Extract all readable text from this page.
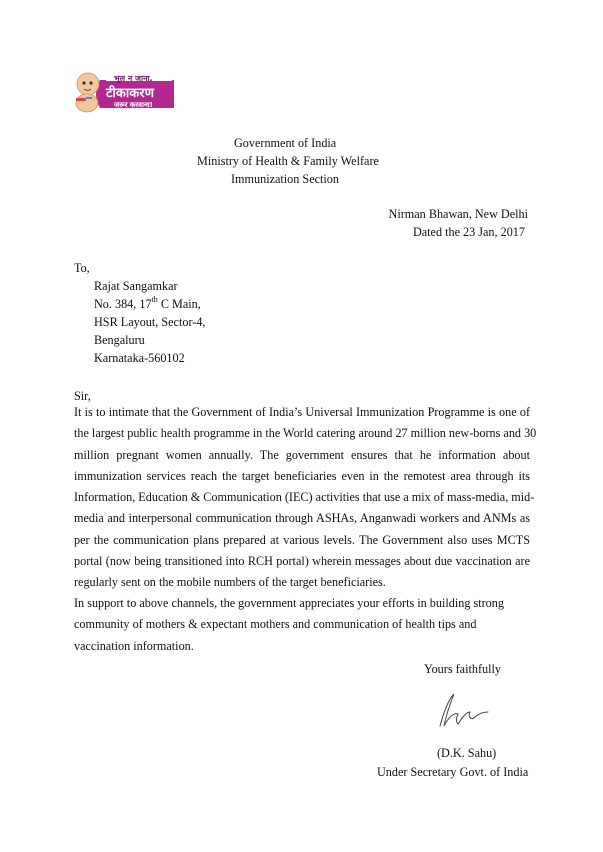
भूल न जाना,
टीकाकरण
जरूर करवाना!
Government of India
Ministry of Health & Family Welfare
Immunization Section
Nirman Bhawan, New Delhi
Dated the 23 Jan, 2017
To,
Rajat Sangamkar
No. 384, 17th C Main,
HSR Layout, Sector-4,
Bengaluru
Karnataka-560102
Sir,
It is to intimate that the Government of India’s Universal Immunization Programme is one of
the largest public health programme in the World catering around 27 million new-borns and 30
million pregnant women annually. The government ensures that he information about
immunization services reach the target beneficiaries even in the remotest area through its
Information, Education & Communication (IEC) activities that use a mix of mass-media, mid-
media and interpersonal communication through ASHAs, Anganwadi workers and ANMs as
per the communication plans prepared at various levels. The Government also uses MCTS
portal (now being transitioned into RCH portal) wherein messages about due vaccination are
regularly sent on the mobile numbers of the target beneficiaries.
In support to above channels, the government appreciates your efforts in building strong
community of mothers & expectant mothers and communication of health tips and
vaccination information.
Yours faithfully
(D.K. Sahu)
Under Secretary Govt. of India
